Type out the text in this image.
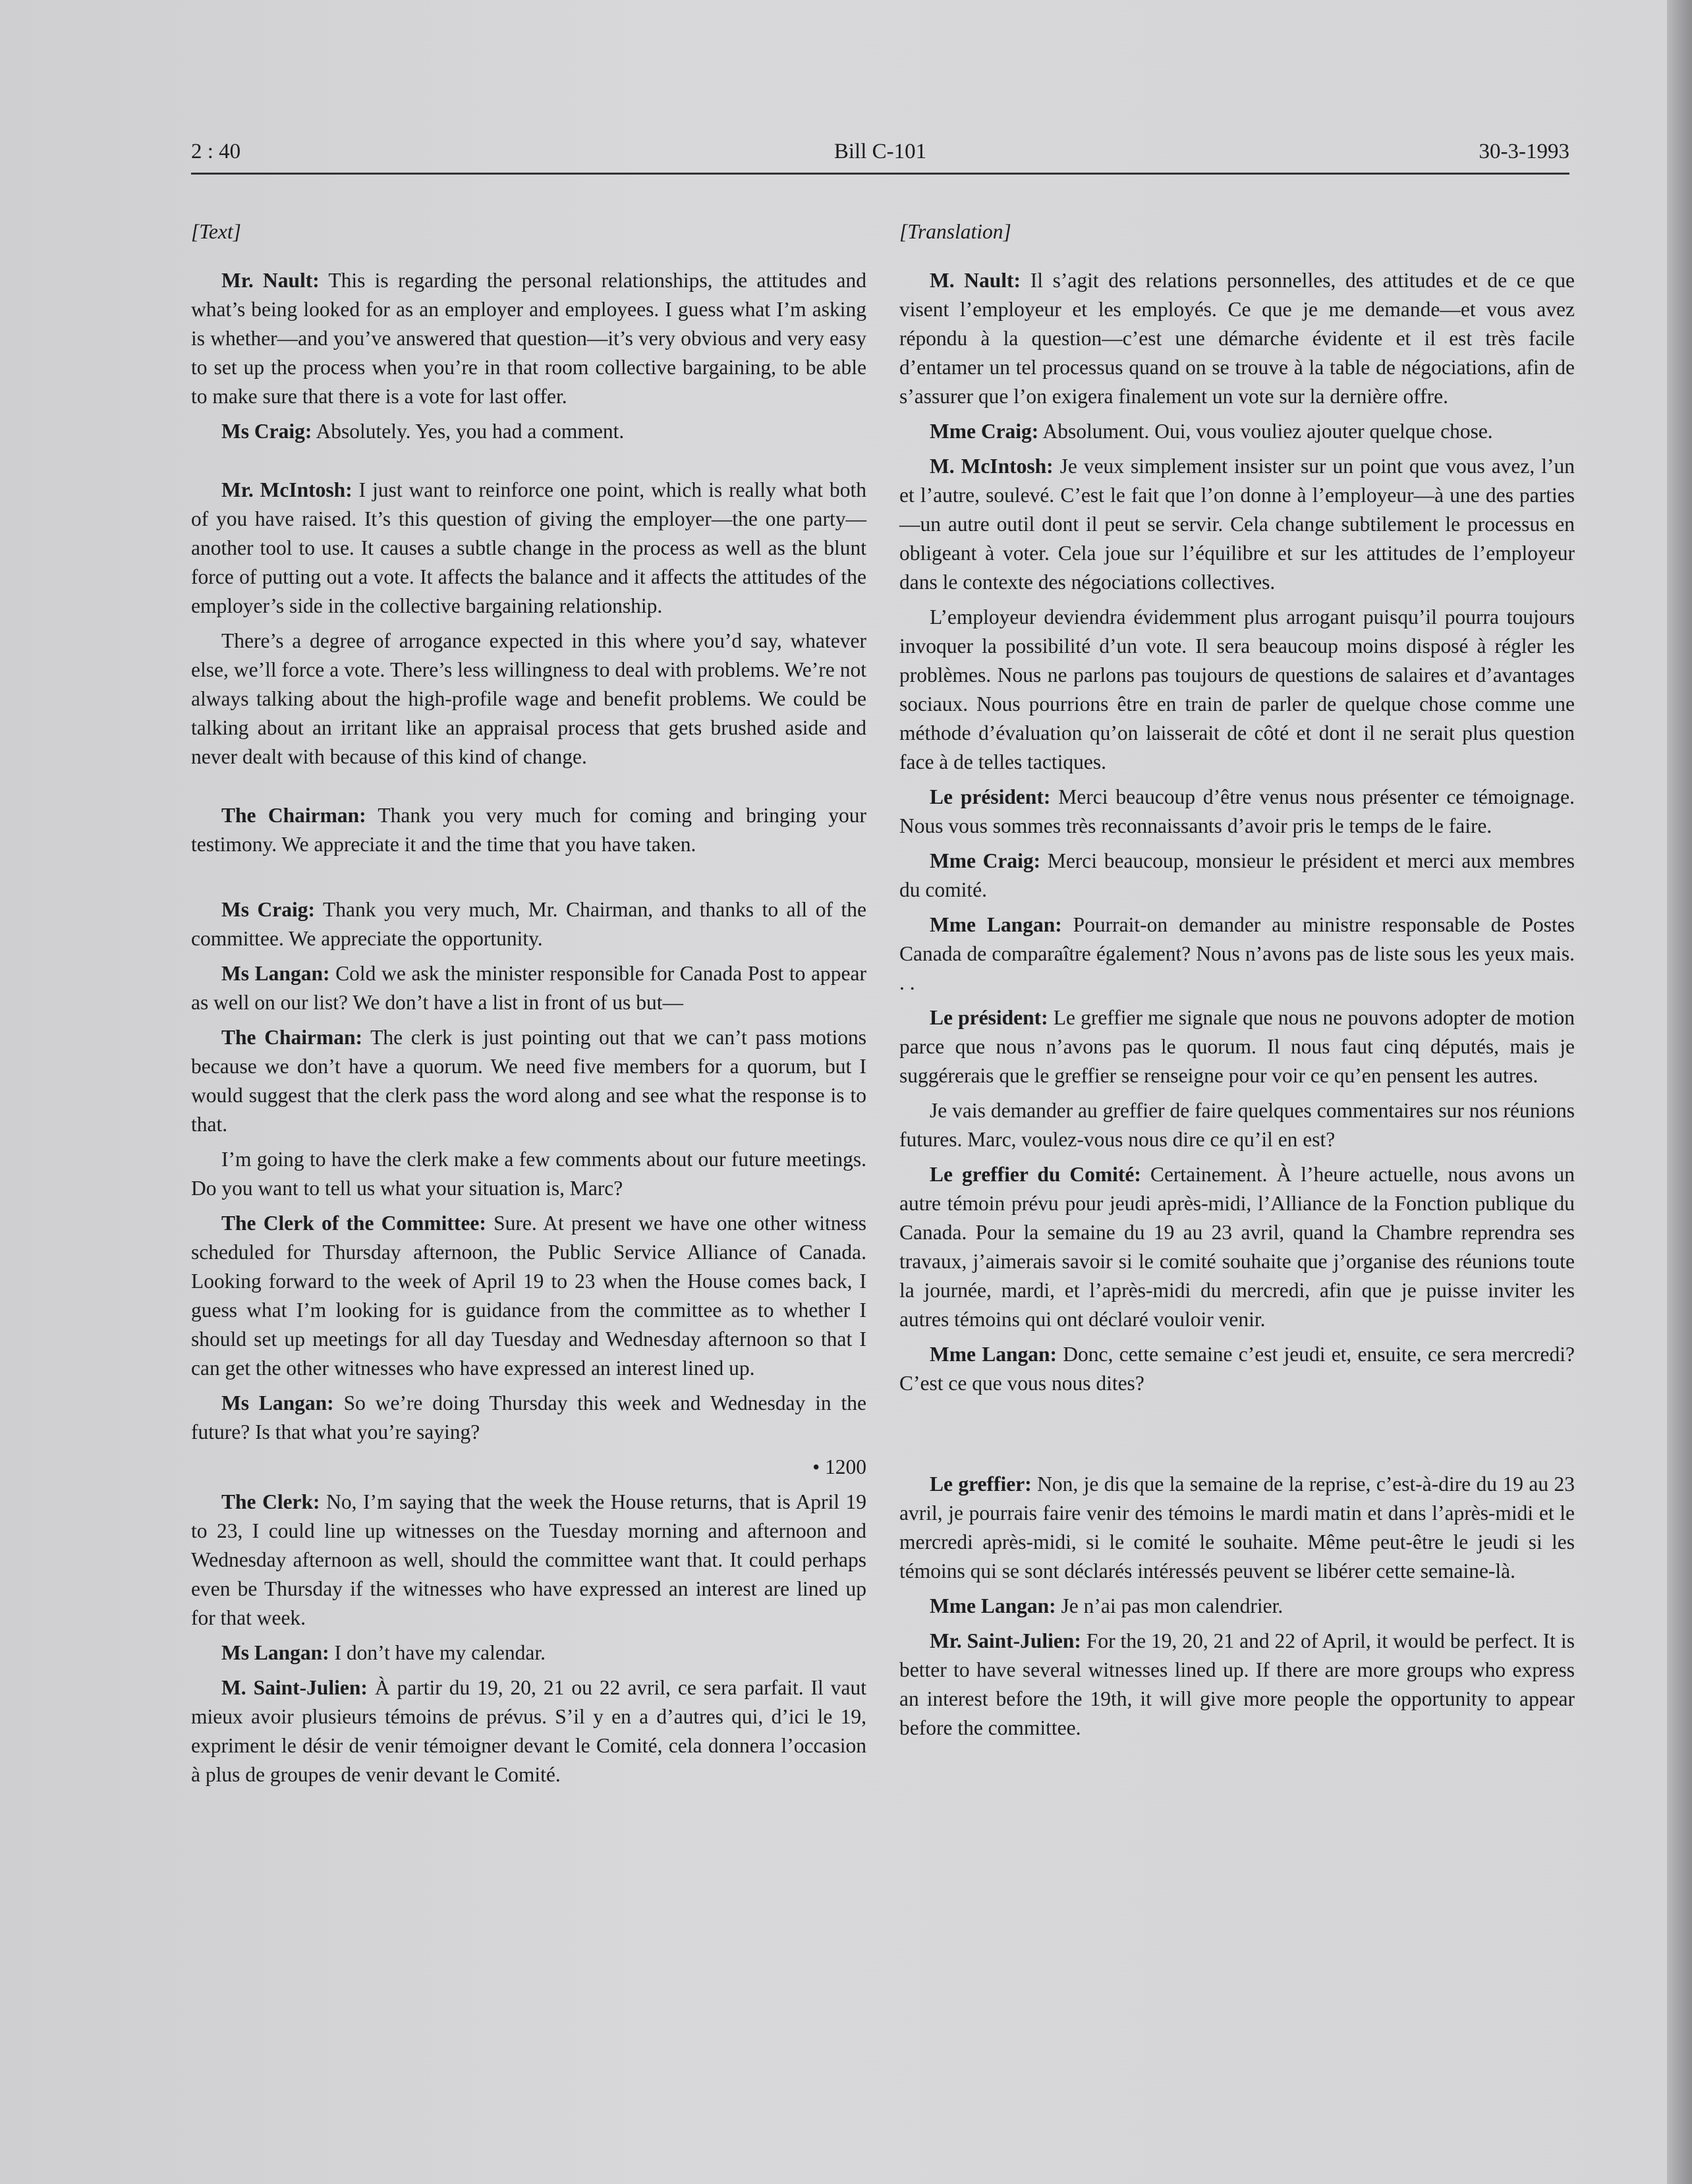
2 : 40	Bill C-101	30-3-1993

[Text]

Mr. Nault: This is regarding the personal relationships, the attitudes and what’s being looked for as an employer and employees. I guess what I’m asking is whether—and you’ve answered that question—it’s very obvious and very easy to set up the process when you’re in that room collective bargaining, to be able to make sure that there is a vote for last offer.

Ms Craig: Absolutely. Yes, you had a comment.

Mr. McIntosh: I just want to reinforce one point, which is really what both of you have raised. It’s this question of giving the employer—the one party—another tool to use. It causes a subtle change in the process as well as the blunt force of putting out a vote. It affects the balance and it affects the attitudes of the employer’s side in the collective bargaining relationship.

There’s a degree of arrogance expected in this where you’d say, whatever else, we’ll force a vote. There’s less willingness to deal with problems. We’re not always talking about the high-profile wage and benefit problems. We could be talking about an irritant like an appraisal process that gets brushed aside and never dealt with because of this kind of change.

The Chairman: Thank you very much for coming and bringing your testimony. We appreciate it and the time that you have taken.

Ms Craig: Thank you very much, Mr. Chairman, and thanks to all of the committee. We appreciate the opportunity.

Ms Langan: Cold we ask the minister responsible for Canada Post to appear as well on our list? We don’t have a list in front of us but—

The Chairman: The clerk is just pointing out that we can’t pass motions because we don’t have a quorum. We need five members for a quorum, but I would suggest that the clerk pass the word along and see what the response is to that.

I’m going to have the clerk make a few comments about our future meetings. Do you want to tell us what your situation is, Marc?

The Clerk of the Committee: Sure. At present we have one other witness scheduled for Thursday afternoon, the Public Service Alliance of Canada. Looking forward to the week of April 19 to 23 when the House comes back, I guess what I’m looking for is guidance from the committee as to whether I should set up meetings for all day Tuesday and Wednesday afternoon so that I can get the other witnesses who have expressed an interest lined up.

Ms Langan: So we’re doing Thursday this week and Wednesday in the future? Is that what you’re saying?

• 1200

The Clerk: No, I’m saying that the week the House returns, that is April 19 to 23, I could line up witnesses on the Tuesday morning and afternoon and Wednesday afternoon as well, should the committee want that. It could perhaps even be Thursday if the witnesses who have expressed an interest are lined up for that week.

Ms Langan: I don’t have my calendar.

M. Saint-Julien: À partir du 19, 20, 21 ou 22 avril, ce sera parfait. Il vaut mieux avoir plusieurs témoins de prévus. S’il y en a d’autres qui, d’ici le 19, expriment le désir de venir témoigner devant le Comité, cela donnera l’occasion à plus de groupes de venir devant le Comité.

[Translation]

M. Nault: Il s’agit des relations personnelles, des attitudes et de ce que visent l’employeur et les employés. Ce que je me demande—et vous avez répondu à la question—c’est une démarche évidente et il est très facile d’entamer un tel processus quand on se trouve à la table de négociations, afin de s’assurer que l’on exigera finalement un vote sur la dernière offre.

Mme Craig: Absolument. Oui, vous vouliez ajouter quelque chose.

M. McIntosh: Je veux simplement insister sur un point que vous avez, l’un et l’autre, soulevé. C’est le fait que l’on donne à l’employeur—à une des parties—un autre outil dont il peut se servir. Cela change subtilement le processus en obligeant à voter. Cela joue sur l’équilibre et sur les attitudes de l’employeur dans le contexte des négociations collectives.

L’employeur deviendra évidemment plus arrogant puisqu’il pourra toujours invoquer la possibilité d’un vote. Il sera beaucoup moins disposé à régler les problèmes. Nous ne parlons pas toujours de questions de salaires et d’avantages sociaux. Nous pourrions être en train de parler de quelque chose comme une méthode d’évaluation qu’on laisserait de côté et dont il ne serait plus question face à de telles tactiques.

Le président: Merci beaucoup d’être venus nous présenter ce témoignage. Nous vous sommes très reconnaissants d’avoir pris le temps de le faire.

Mme Craig: Merci beaucoup, monsieur le président et merci aux membres du comité.

Mme Langan: Pourrait-on demander au ministre responsable de Postes Canada de comparaître également? Nous n’avons pas de liste sous les yeux mais. . .

Le président: Le greffier me signale que nous ne pouvons adopter de motion parce que nous n’avons pas le quorum. Il nous faut cinq députés, mais je suggérerais que le greffier se renseigne pour voir ce qu’en pensent les autres.

Je vais demander au greffier de faire quelques commentaires sur nos réunions futures. Marc, voulez-vous nous dire ce qu’il en est?

Le greffier du Comité: Certainement. À l’heure actuelle, nous avons un autre témoin prévu pour jeudi après-midi, l’Alliance de la Fonction publique du Canada. Pour la semaine du 19 au 23 avril, quand la Chambre reprendra ses travaux, j’aimerais savoir si le comité souhaite que j’organise des réunions toute la journée, mardi, et l’après-midi du mercredi, afin que je puisse inviter les autres témoins qui ont déclaré vouloir venir.

Mme Langan: Donc, cette semaine c’est jeudi et, ensuite, ce sera mercredi? C’est ce que vous nous dites?

Le greffier: Non, je dis que la semaine de la reprise, c’est-à-dire du 19 au 23 avril, je pourrais faire venir des témoins le mardi matin et dans l’après-midi et le mercredi après-midi, si le comité le souhaite. Même peut-être le jeudi si les témoins qui se sont déclarés intéressés peuvent se libérer cette semaine-là.

Mme Langan: Je n’ai pas mon calendrier.

Mr. Saint-Julien: For the 19, 20, 21 and 22 of April, it would be perfect. It is better to have several witnesses lined up. If there are more groups who express an interest before the 19th, it will give more people the opportunity to appear before the committee.
